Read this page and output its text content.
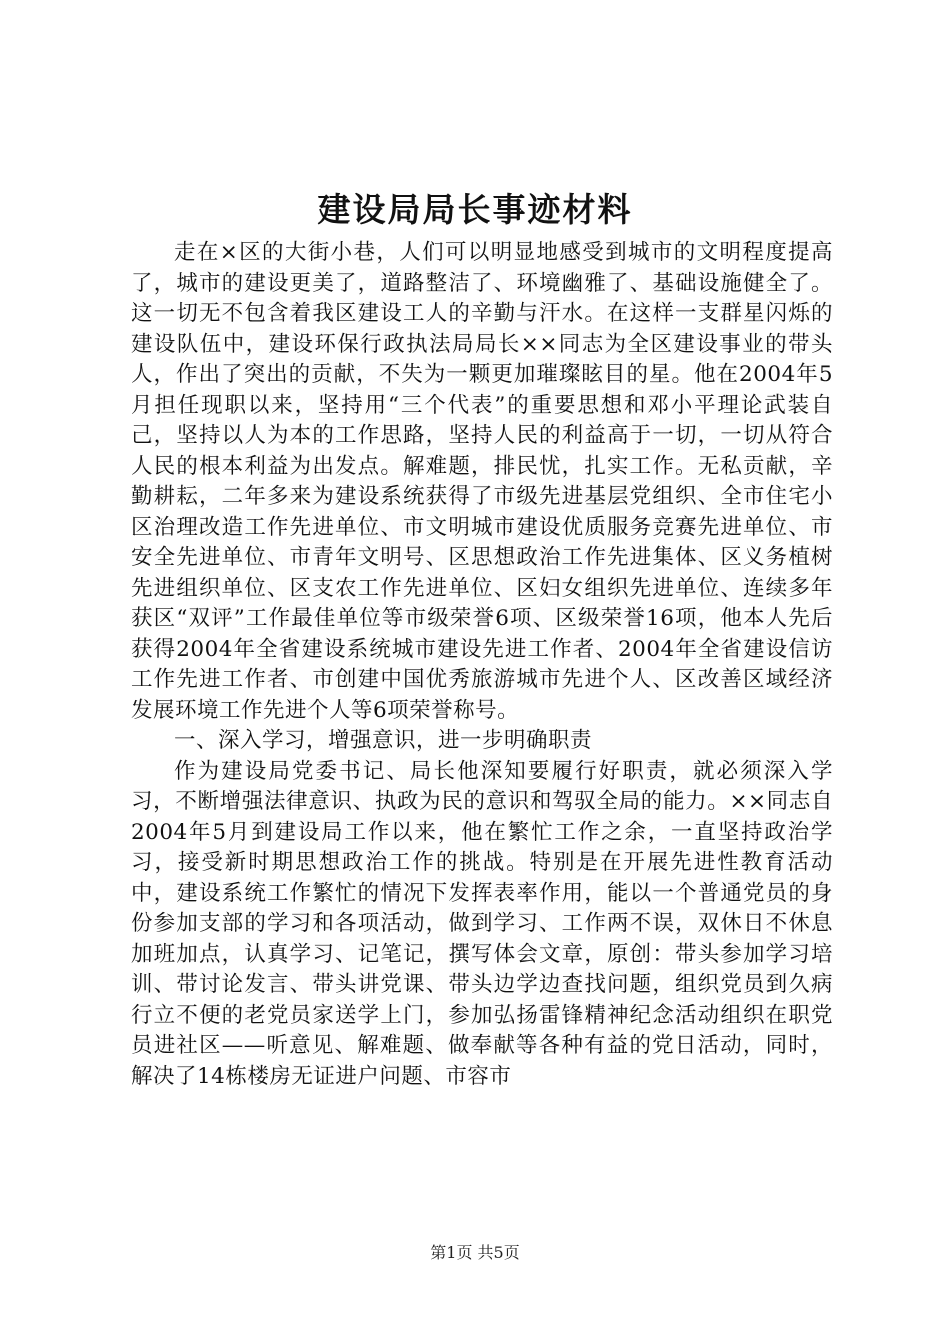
建设局局长事迹材料

走在×区的大街小巷，人们可以明显地感受到城市的文明程度提高了，城市的建设更美了，道路整洁了、环境幽雅了、基础设施健全了。这一切无不包含着我区建设工人的辛勤与汗水。在这样一支群星闪烁的建设队伍中，建设环保行政执法局局长××同志为全区建设事业的带头人，作出了突出的贡献，不失为一颗更加璀璨眩目的星。他在2004年5月担任现职以来，坚持用“三个代表”的重要思想和邓小平理论武装自己，坚持以人为本的工作思路，坚持人民的利益高于一切，一切从符合人民的根本利益为出发点。解难题，排民忧，扎实工作。无私贡献，辛勤耕耘，二年多来为建设系统获得了市级先进基层党组织、全市住宅小区治理改造工作先进单位、市文明城市建设优质服务竞赛先进单位、市安全先进单位、市青年文明号、区思想政治工作先进集体、区义务植树先进组织单位、区支农工作先进单位、区妇女组织先进单位、连续多年获区“双评”工作最佳单位等市级荣誉6项、区级荣誉16项，他本人先后获得2004年全省建设系统城市建设先进工作者、2004年全省建设信访工作先进工作者、市创建中国优秀旅游城市先进个人、区改善区域经济发展环境工作先进个人等6项荣誉称号。

一、深入学习，增强意识，进一步明确职责

作为建设局党委书记、局长他深知要履行好职责，就必须深入学习，不断增强法律意识、执政为民的意识和驾驭全局的能力。××同志自2004年5月到建设局工作以来，他在繁忙工作之余，一直坚持政治学习，接受新时期思想政治工作的挑战。特别是在开展先进性教育活动中，建设系统工作繁忙的情况下发挥表率作用，能以一个普通党员的身份参加支部的学习和各项活动，做到学习、工作两不误，双休日不休息加班加点，认真学习、记笔记，撰写体会文章，原创：带头参加学习培训、带讨论发言、带头讲党课、带头边学边查找问题，组织党员到久病行立不便的老党员家送学上门，参加弘扬雷锋精神纪念活动组织在职党员进社区——听意见、解难题、做奉献等各种有益的党日活动，同时，解决了14栋楼房无证进户问题、市容市

第1页 共5页
